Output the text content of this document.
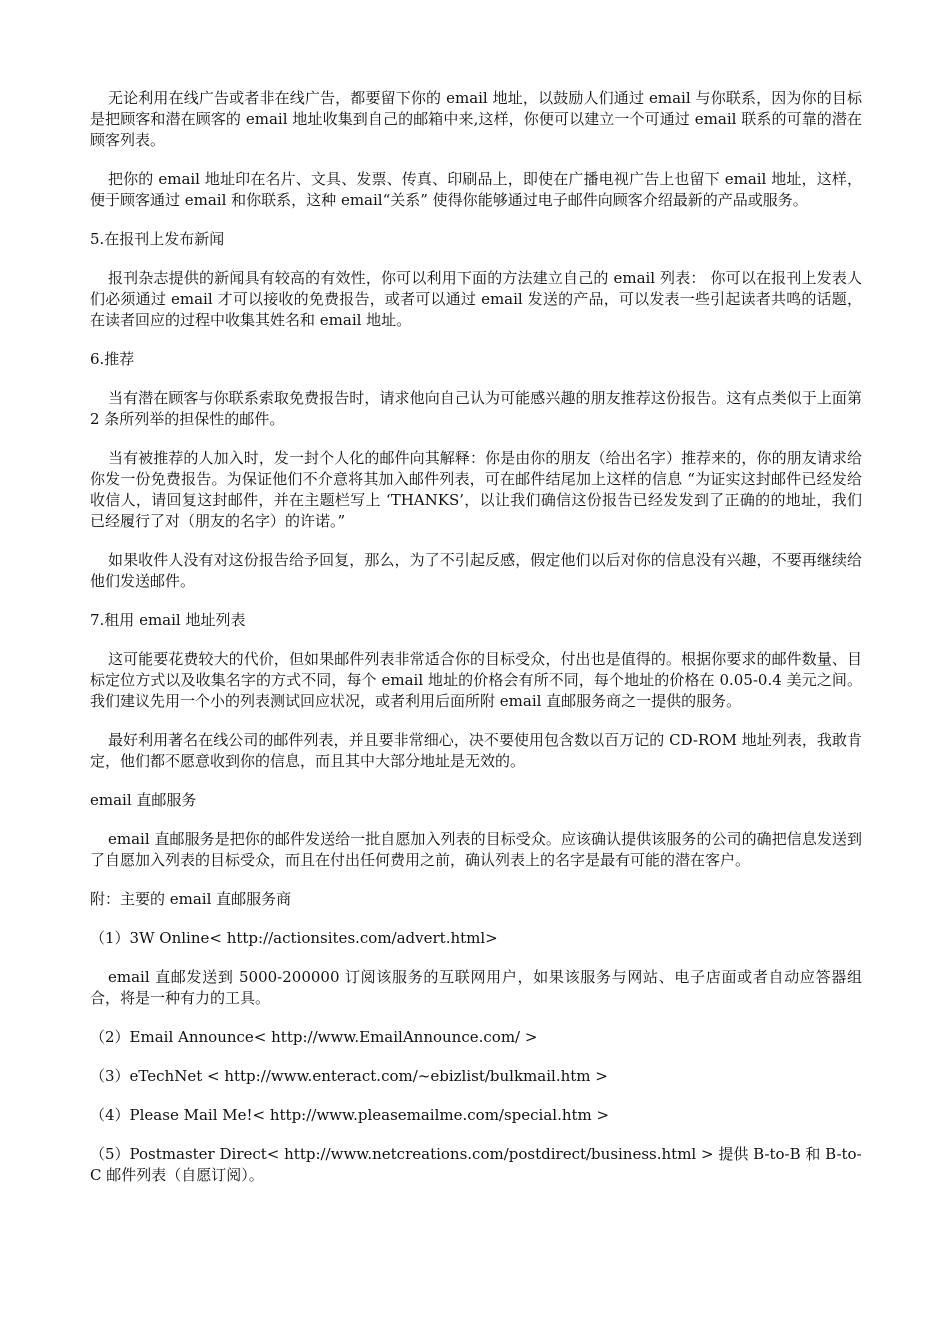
无论利用在线广告或者非在线广告，都要留下你的 email 地址，以鼓励人们通过 email 与你联系，因为你的目标是把顾客和潜在顾客的 email 地址收集到自己的邮箱中来,这样，你便可以建立一个可通过 email 联系的可靠的潜在顾客列表。

把你的 email 地址印在名片、文具、发票、传真、印刷品上，即使在广播电视广告上也留下 email 地址，这样，便于顾客通过 email 和你联系，这种 email“关系” 使得你能够通过电子邮件向顾客介绍最新的产品或服务。

5.在报刊上发布新闻

报刊杂志提供的新闻具有较高的有效性，你可以利用下面的方法建立自己的 email 列表： 你可以在报刊上发表人们必须通过 email 才可以接收的免费报告，或者可以通过 email 发送的产品，可以发表一些引起读者共鸣的话题，在读者回应的过程中收集其姓名和 email 地址。

6.推荐

当有潜在顾客与你联系索取免费报告时，请求他向自己认为可能感兴趣的朋友推荐这份报告。这有点类似于上面第 2 条所列举的担保性的邮件。

当有被推荐的人加入时，发一封个人化的邮件向其解释：你是由你的朋友（给出名字）推荐来的，你的朋友请求给你发一份免费报告。为保证他们不介意将其加入邮件列表，可在邮件结尾加上这样的信息 “为证实这封邮件已经发给收信人，请回复这封邮件，并在主题栏写上 ‘THANKS’，以让我们确信这份报告已经发发到了正确的的地址，我们已经履行了对（朋友的名字）的许诺。”

如果收件人没有对这份报告给予回复，那么，为了不引起反感，假定他们以后对你的信息没有兴趣，不要再继续给他们发送邮件。

7.租用 email 地址列表

这可能要花费较大的代价，但如果邮件列表非常适合你的目标受众，付出也是值得的。根据你要求的邮件数量、目标定位方式以及收集名字的方式不同，每个 email 地址的价格会有所不同，每个地址的价格在 0.05-0.4 美元之间。我们建议先用一个小的列表测试回应状况，或者利用后面所附 email 直邮服务商之一提供的服务。

最好利用著名在线公司的邮件列表，并且要非常细心，决不要使用包含数以百万记的 CD-ROM 地址列表，我敢肯定，他们都不愿意收到你的信息，而且其中大部分地址是无效的。

email 直邮服务

email 直邮服务是把你的邮件发送给一批自愿加入列表的目标受众。应该确认提供该服务的公司的确把信息发送到了自愿加入列表的目标受众，而且在付出任何费用之前，确认列表上的名字是最有可能的潜在客户。

附：主要的 email 直邮服务商

（1）3W Online< http://actionsites.com/advert.html>

email 直邮发送到 5000-200000 订阅该服务的互联网用户，如果该服务与网站、电子店面或者自动应答器组合，将是一种有力的工具。

（2）Email Announce< http://www.EmailAnnounce.com/ >

（3）eTechNet < http://www.enteract.com/~ebizlist/bulkmail.htm >

（4）Please Mail Me!< http://www.pleasemailme.com/special.htm >

（5）Postmaster Direct< http://www.netcreations.com/postdirect/business.html > 提供 B-to-B 和 B-to-C 邮件列表（自愿订阅）。
